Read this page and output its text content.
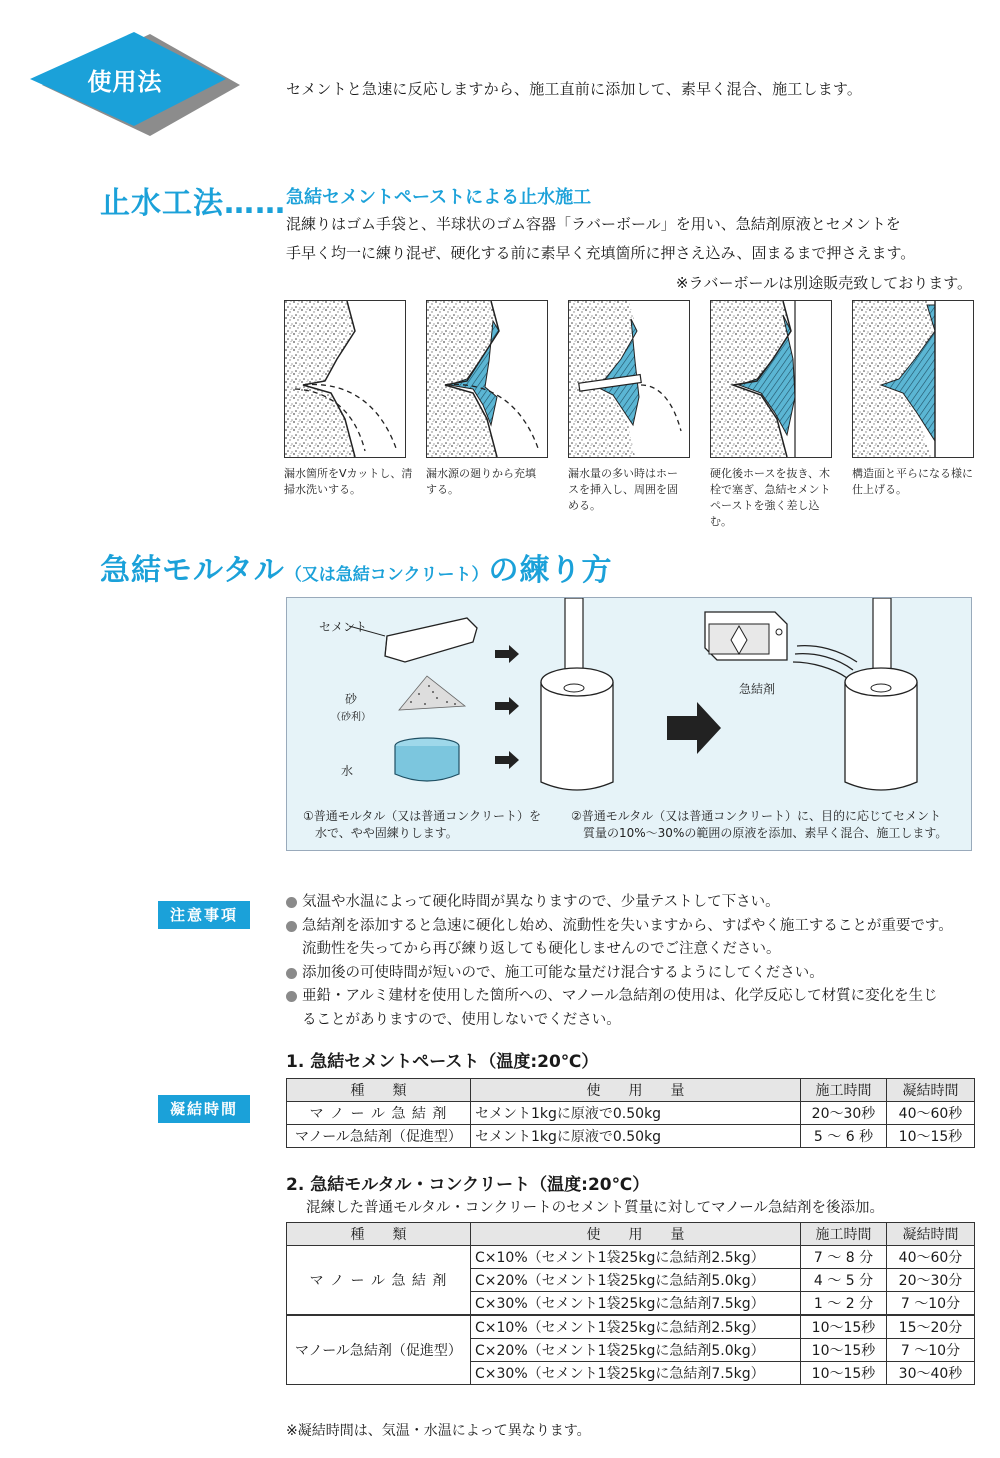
使用法	セメントと急速に反応しますから、施工直前に添加して、素早く混合、施工します。
止水工法…… 急結セメントペーストによる止水施工
混練りはゴム手袋と、半球状のゴム容器「ラバーボール」を用い、急結剤原液とセメントを
手早く均一に練り混ぜ、硬化する前に素早く充填箇所に押さえ込み、固まるまで押さえます。
※ラバーボールは別途販売致しております。
漏水箇所をVカットし、清
掃水洗いする。
漏水源の廻りから充填
する。
漏水量の多い時はホー
スを挿入し、周囲を固
める。
硬化後ホースを抜き、木
栓で塞ぎ、急結セメント
ペーストを強く差し込む。
構造面と平らになる様に
仕上げる。
急結モルタル（又は急結コンクリート）の練り方
セメント
砂
（砂利）
水
急結剤
①普通モルタル（又は普通コンクリート）を
水で、やや固練りします。
②普通モルタル（又は普通コンクリート）に、目的に応じてセメント
質量の10%～30%の範囲の原液を添加、素早く混合、施工します。
注意事項
気温や水温によって硬化時間が異なりますので、少量テストして下さい。
急結剤を添加すると急速に硬化し始め、流動性を失いますから、すばやく施工することが重要です。
流動性を失ってから再び練り返しても硬化しませんのでご注意ください。
添加後の可使時間が短いので、施工可能な量だけ混合するようにしてください。
亜鉛・アルミ建材を使用した箇所への、マノール急結剤の使用は、化学反応して材質に変化を生じ
ることがありますので、使用しないでください。
凝結時間
1. 急結セメントペースト（温度:20℃）
種　　類	使　　用　　量	施工時間	凝結時間
マ ノ ー ル 急 結 剤	セメント1kgに原液で0.50kg	20～30秒	40～60秒
マノール急結剤（促進型）	セメント1kgに原液で0.50kg	5 ～ 6 秒	10～15秒
2. 急結モルタル・コンクリート（温度:20℃）
混練した普通モルタル・コンクリートのセメント質量に対してマノール急結剤を後添加。
種　　類	使　　用　　量	施工時間	凝結時間
マ ノ ー ル 急 結 剤	C×10%（セメント1袋25kgに急結剤2.5kg）	7 ～ 8 分	40～60分
	C×20%（セメント1袋25kgに急結剤5.0kg）	4 ～ 5 分	20～30分
	C×30%（セメント1袋25kgに急結剤7.5kg）	1 ～ 2 分	7 ～10分
マノール急結剤（促進型）	C×10%（セメント1袋25kgに急結剤2.5kg）	10～15秒	15～20分
	C×20%（セメント1袋25kgに急結剤5.0kg）	10～15秒	7 ～10分
	C×30%（セメント1袋25kgに急結剤7.5kg）	10～15秒	30～40秒
※凝結時間は、気温・水温によって異なります。
